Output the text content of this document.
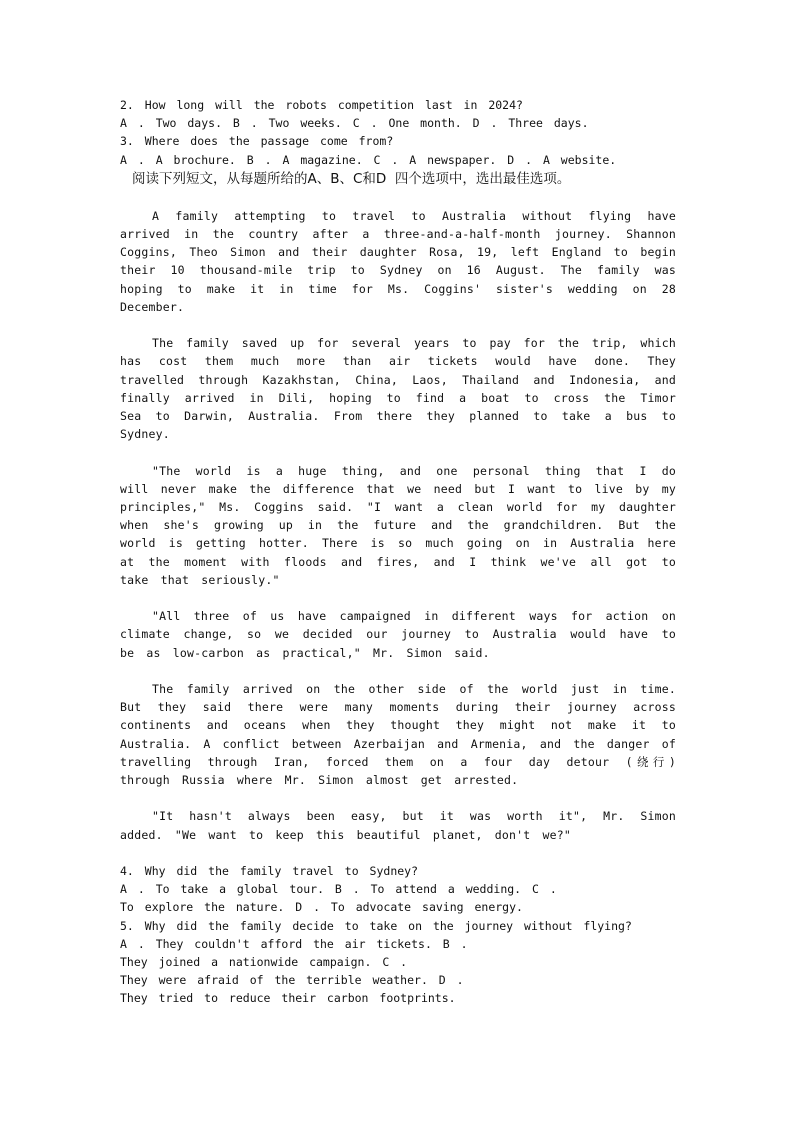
2. How long will the robots competition last in 2024?

A . Two days. B . Two weeks. C . One month. D . Three days.

3. Where does the passage come from?

A . A brochure. B . A magazine. C . A newspaper. D . A website.

阅读下列短文，从每题所给的A、B、C和D  四个选项中，选出最佳选项。

A family attempting to travel to Australia without flying have arrived in the country after a three-and-a-half-month journey. Shannon Coggins, Theo Simon and their daughter Rosa, 19, left England to begin their 10 thousand-mile trip to Sydney on 16 August. The family was hoping to make it in time for Ms. Coggins' sister's wedding on 28 December.

The family saved up for several years to pay for the trip, which has cost them much more than air tickets would have done. They travelled through Kazakhstan, China, Laos, Thailand and Indonesia, and finally arrived in Dili, hoping to find a boat to cross the Timor Sea to Darwin, Australia. From there they planned to take a bus to Sydney.

"The world is a huge thing, and one personal thing that I do will never make the difference that we need but I want to live by my principles," Ms. Coggins said. "I want a clean world for my daughter when she's growing up in the future and the grandchildren. But the world is getting hotter. There is so much going on in Australia here at the moment with floods and fires, and I think we've all got to take that seriously."

"All three of us have campaigned in different ways for action on climate change, so we decided our journey to Australia would have to be as low-carbon as practical," Mr. Simon said.

The family arrived on the other side of the world just in time. But they said there were many moments during their journey across continents and oceans when they thought they might not make it to Australia. A conflict between Azerbaijan and Armenia, and the danger of travelling through Iran, forced them on a four day detour (绕行) through Russia where Mr. Simon almost get arrested.

"It hasn't always been easy, but it was worth it", Mr. Simon added. "We want to keep this beautiful planet, don't we?"

4. Why did the family travel to Sydney?

A . To take a global tour. B . To attend a wedding. C .

To explore the nature. D . To advocate saving energy.

5. Why did the family decide to take on the journey without flying?

A . They couldn't afford the air tickets. B .

They joined a nationwide campaign. C .

They were afraid of the terrible weather. D .

They tried to reduce their carbon footprints.
